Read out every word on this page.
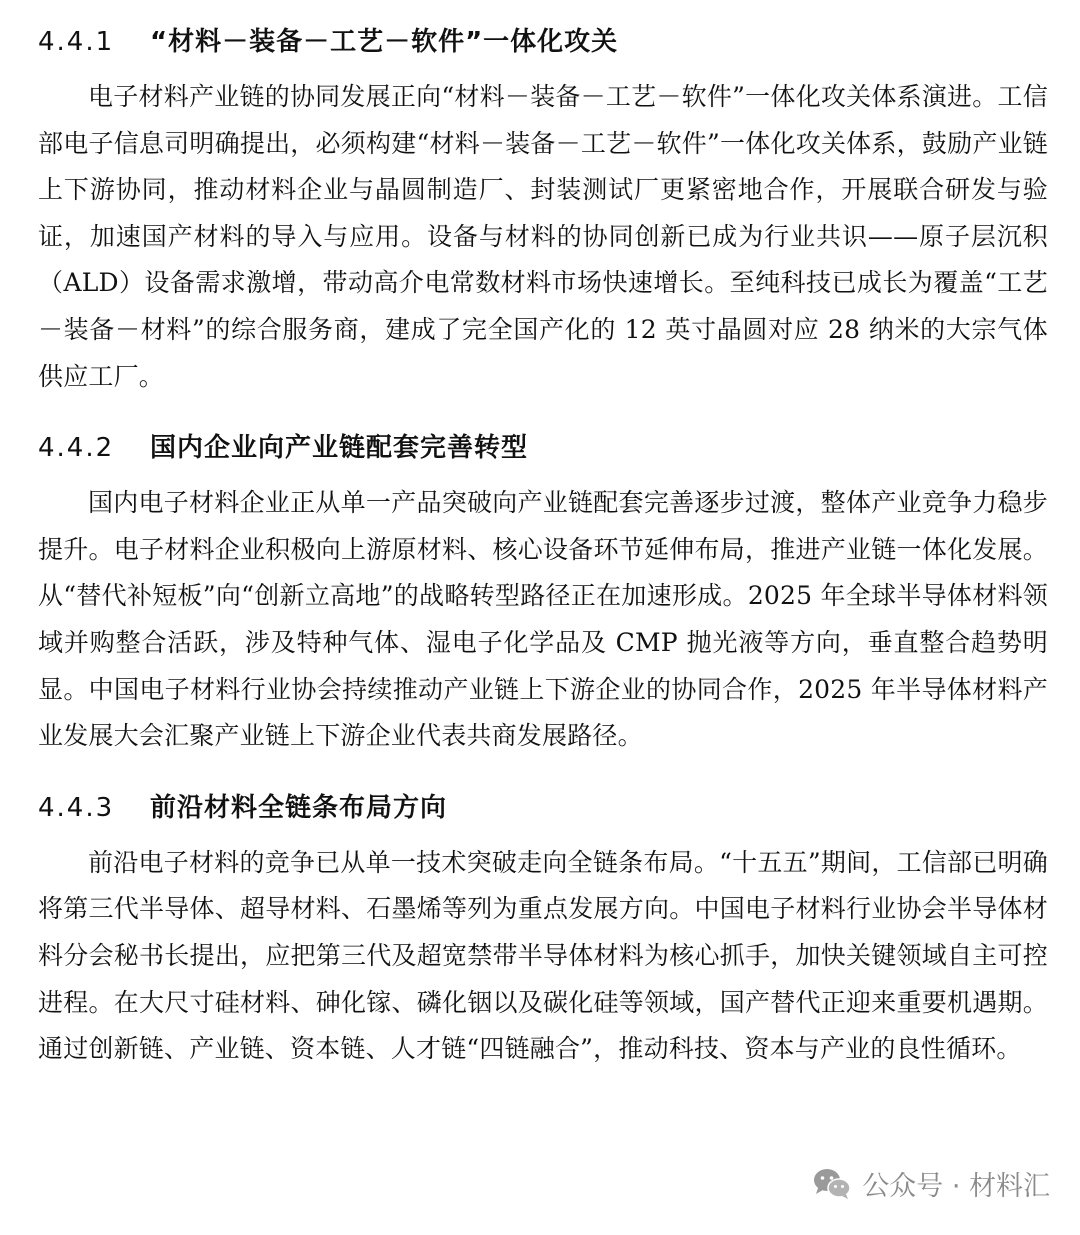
4.4.1 “材料－装备－工艺－软件”一体化攻关

电子材料产业链的协同发展正向“材料－装备－工艺－软件”一体化攻关体系演进。工信部电子信息司明确提出，必须构建“材料－装备－工艺－软件”一体化攻关体系，鼓励产业链上下游协同，推动材料企业与晶圆制造厂、封装测试厂更紧密地合作，开展联合研发与验证，加速国产材料的导入与应用。设备与材料的协同创新已成为行业共识——原子层沉积（ALD）设备需求激增，带动高介电常数材料市场快速增长。至纯科技已成长为覆盖“工艺－装备－材料”的综合服务商，建成了完全国产化的 12 英寸晶圆对应 28 纳米的大宗气体供应工厂。

4.4.2 国内企业向产业链配套完善转型

国内电子材料企业正从单一产品突破向产业链配套完善逐步过渡，整体产业竞争力稳步提升。电子材料企业积极向上游原材料、核心设备环节延伸布局，推进产业链一体化发展。从“替代补短板”向“创新立高地”的战略转型路径正在加速形成。2025 年全球半导体材料领域并购整合活跃，涉及特种气体、湿电子化学品及 CMP 抛光液等方向，垂直整合趋势明显。中国电子材料行业协会持续推动产业链上下游企业的协同合作，2025 年半导体材料产业发展大会汇聚产业链上下游企业代表共商发展路径。

4.4.3 前沿材料全链条布局方向

前沿电子材料的竞争已从单一技术突破走向全链条布局。“十五五”期间，工信部已明确将第三代半导体、超导材料、石墨烯等列为重点发展方向。中国电子材料行业协会半导体材料分会秘书长提出，应把第三代及超宽禁带半导体材料为核心抓手，加快关键领域自主可控进程。在大尺寸硅材料、砷化镓、磷化铟以及碳化硅等领域，国产替代正迎来重要机遇期。通过创新链、产业链、资本链、人才链“四链融合”，推动科技、资本与产业的良性循环。

公众号 · 材料汇
